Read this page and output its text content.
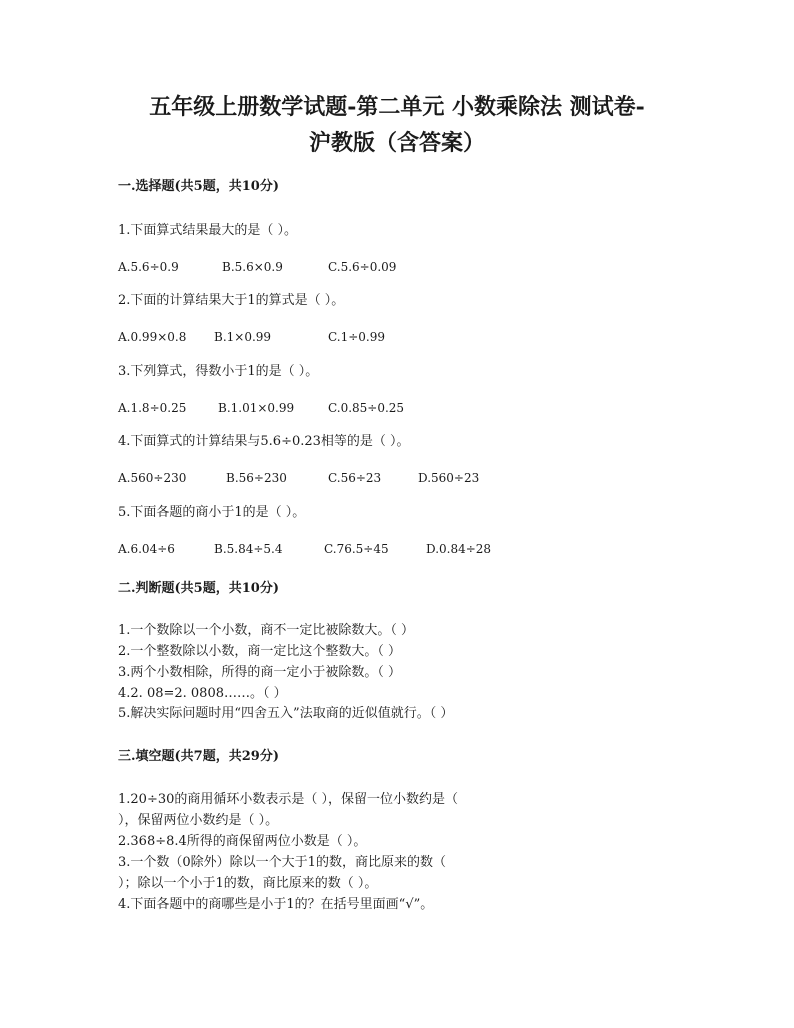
五年级上册数学试题-第二单元 小数乘除法 测试卷-
沪教版（含答案）
一.选择题(共5题，共10分)
1.下面算式结果最大的是（ ）。
A.5.6÷0.9	B.5.6×0.9	C.5.6÷0.09
2.下面的计算结果大于1的算式是（ ）。
A.0.99×0.8 B.1×0.99	C.1÷0.99
3.下列算式，得数小于1的是（ ）。
A.1.8÷0.25	B.1.01×0.99	C.0.85÷0.25
4.下面算式的计算结果与5.6÷0.23相等的是（ ）。
A.560÷230	B.56÷230	C.56÷23	D.560÷23
5.下面各题的商小于1的是（ ）。
A.6.04÷6	B.5.84÷5.4	C.76.5÷45	D.0.84÷28
二.判断题(共5题，共10分)
1.一个数除以一个小数，商不一定比被除数大。（ ）
2.一个整数除以小数，商一定比这个整数大。（ ）
3.两个小数相除，所得的商一定小于被除数。（ ）
4.2. 08=2. 0808……。（ ）
5.解决实际问题时用“四舍五入”法取商的近似值就行。（ ）
三.填空题(共7题，共29分)
1.20÷30的商用循环小数表示是（ ），保留一位小数约是（
），保留两位小数约是（ ）。
2.368÷8.4所得的商保留两位小数是（ ）。
3.一个数（0除外）除以一个大于1的数，商比原来的数（
）；除以一个小于1的数，商比原来的数（ ）。
4.下面各题中的商哪些是小于1的？在括号里面画“√”。
